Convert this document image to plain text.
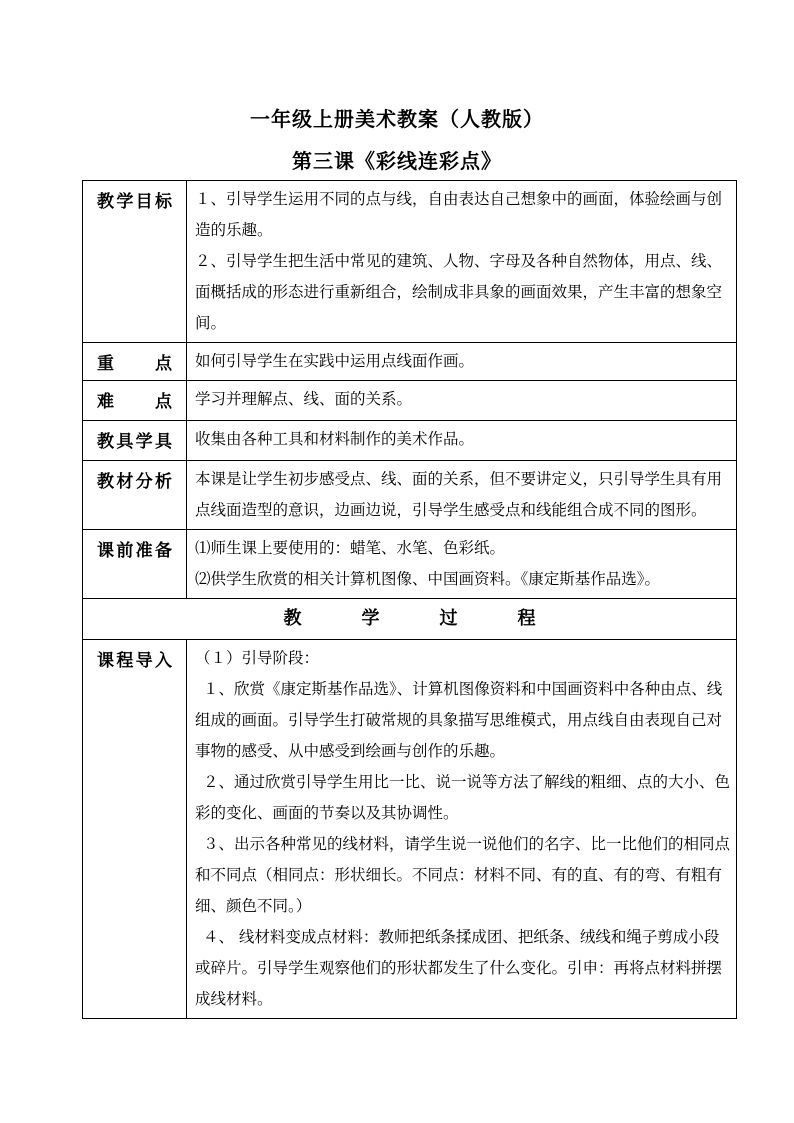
一年级上册美术教案（人教版）
第三课《彩线连彩点》
教学目标	１、引导学生运用不同的点与线，自由表达自己想象中的画面，体验绘画与创造的乐趣。

２、引导学生把生活中常见的建筑、人物、字母及各种自然物体，用点、线、面概括成的形态进行重新组合，绘制成非具象的画面效果，产生丰富的想象空间。

重　　点	如何引导学生在实践中运用点线面作画。
难　　点	学习并理解点、线、面的关系。
教具学具	收集由各种工具和材料制作的美术作品。
教材分析	本课是让学生初步感受点、线、面的关系，但不要讲定义，只引导学生具有用点线面造型的意识，边画边说，引导学生感受点和线能组合成不同的图形。
课前准备	⑴师生课上要使用的：蜡笔、水笔、色彩纸。

⑵供学生欣赏的相关计算机图像、中国画资料。《康定斯基作品选》。

教 学 过 程	
课程导入	（１）引导阶段：

１、欣赏《康定斯基作品选》、计算机图像资料和中国画资料中各种由点、线组成的画面。引导学生打破常规的具象描写思维模式，用点线自由表现自己对事物的感受、从中感受到绘画与创作的乐趣。

２、通过欣赏引导学生用比一比、说一说等方法了解线的粗细、点的大小、色彩的变化、画面的节奏以及其协调性。

３、出示各种常见的线材料，请学生说一说他们的名字、比一比他们的相同点和不同点（相同点：形状细长。不同点：材料不同、有的直、有的弯、有粗有细、颜色不同。）

４、 线材料变成点材料：教师把纸条揉成团、把纸条、绒线和绳子剪成小段或碎片。引导学生观察他们的形状都发生了什么变化。引申：再将点材料拼摆成线材料。
